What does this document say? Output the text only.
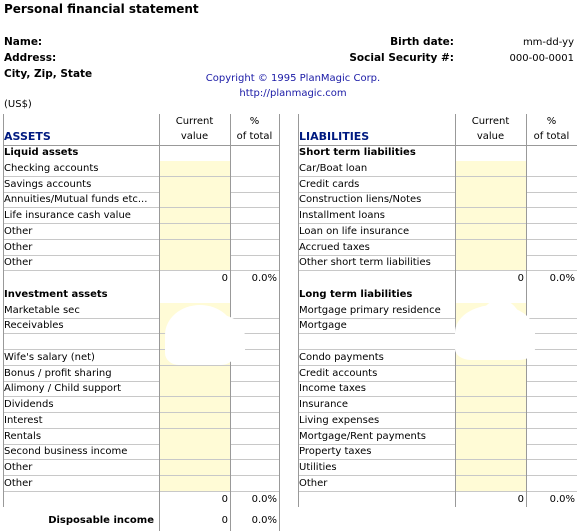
Personal financial statement
Name:
Address:
City, Zip, State
Birth date:	mm-dd-yy
Social Security #:	000-00-0001
Copyright © 1995 PlanMagic Corp.
http://planmagic.com
(US$)
Current
value
%
of total
ASSETS
Liquid assets
Checking accounts
Savings accounts
Annuities/Mutual funds etc...
Life insurance cash value
Other
Other
Other
0	0.0%
Investment assets
Marketable sec
Receivables
Wife's salary (net)
Bonus / profit sharing
Alimony / Child support
Dividends
Interest
Rentals
Second business income
Other
Other
0	0.0%
Current
value
%
of total
LIABILITIES
Short term liabilities
Car/Boat loan
Credit cards
Construction liens/Notes
Installment loans
Loan on life insurance
Accrued taxes
Other short term liabilities
0	0.0%
Long term liabilities
Mortgage primary residence
Mortgage
Condo payments
Credit accounts
Income taxes
Insurance
Living expenses
Mortgage/Rent payments
Property taxes
Utilities
Other
0	0.0%
Disposable income	0	0.0%
